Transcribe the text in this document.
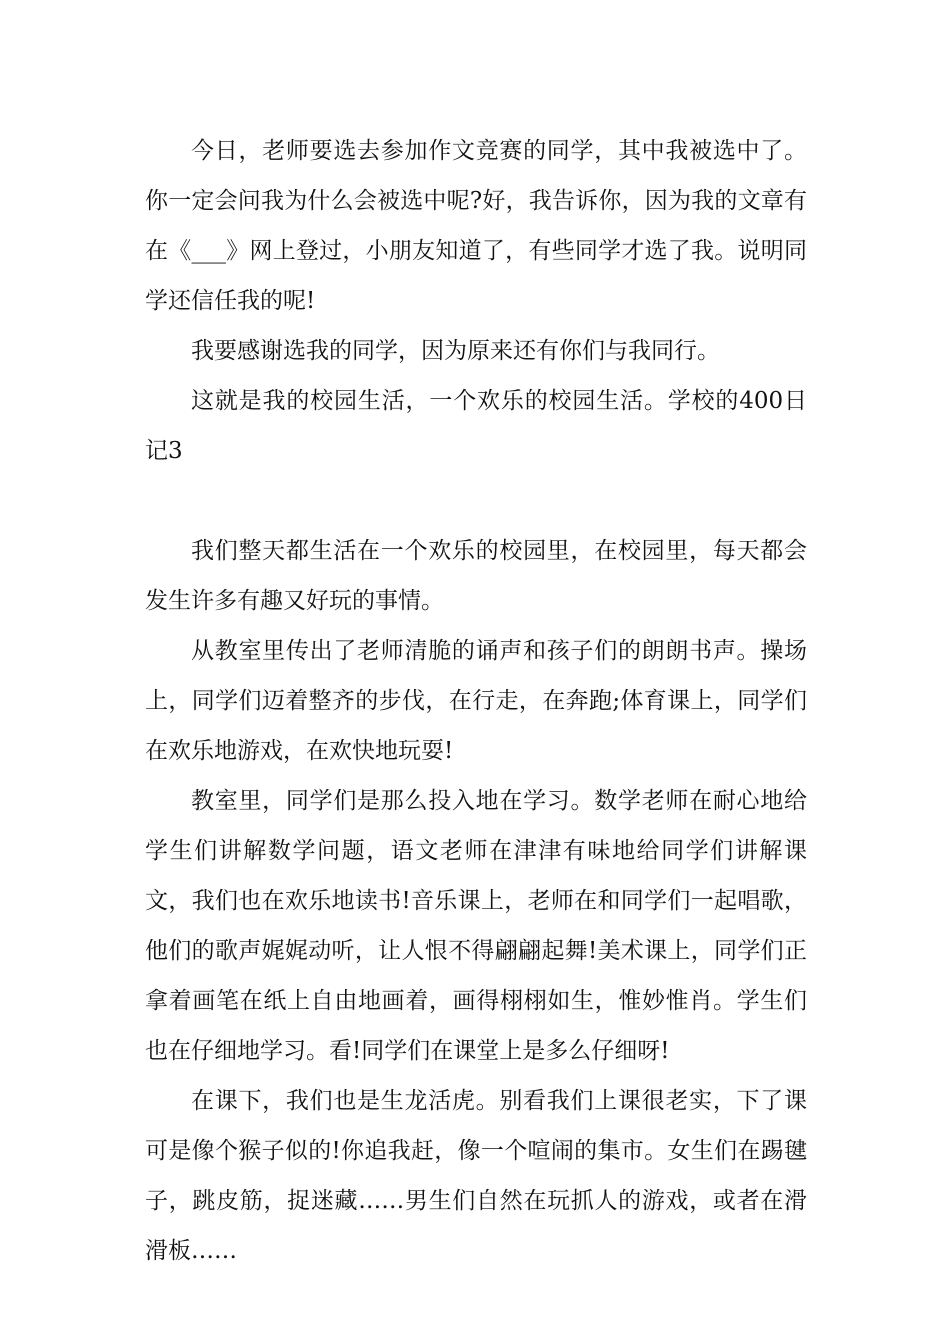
今日，老师要选去参加作文竞赛的同学，其中我被选中了。你一定会问我为什么会被选中呢?好，我告诉你，因为我的文章有在《___》网上登过，小朋友知道了，有些同学才选了我。说明同学还信任我的呢!

我要感谢选我的同学，因为原来还有你们与我同行。

这就是我的校园生活，一个欢乐的校园生活。学校的400日记3

我们整天都生活在一个欢乐的校园里，在校园里，每天都会发生许多有趣又好玩的事情。

从教室里传出了老师清脆的诵声和孩子们的朗朗书声。操场上，同学们迈着整齐的步伐，在行走，在奔跑;体育课上，同学们在欢乐地游戏，在欢快地玩耍!

教室里，同学们是那么投入地在学习。数学老师在耐心地给学生们讲解数学问题，语文老师在津津有味地给同学们讲解课文，我们也在欢乐地读书!音乐课上，老师在和同学们一起唱歌，他们的歌声娓娓动听，让人恨不得翩翩起舞!美术课上，同学们正拿着画笔在纸上自由地画着，画得栩栩如生，惟妙惟肖。学生们也在仔细地学习。看!同学们在课堂上是多么仔细呀!

在课下，我们也是生龙活虎。别看我们上课很老实，下了课可是像个猴子似的!你追我赶，像一个喧闹的集市。女生们在踢毽子，跳皮筋，捉迷藏……男生们自然在玩抓人的游戏，或者在滑滑板……
